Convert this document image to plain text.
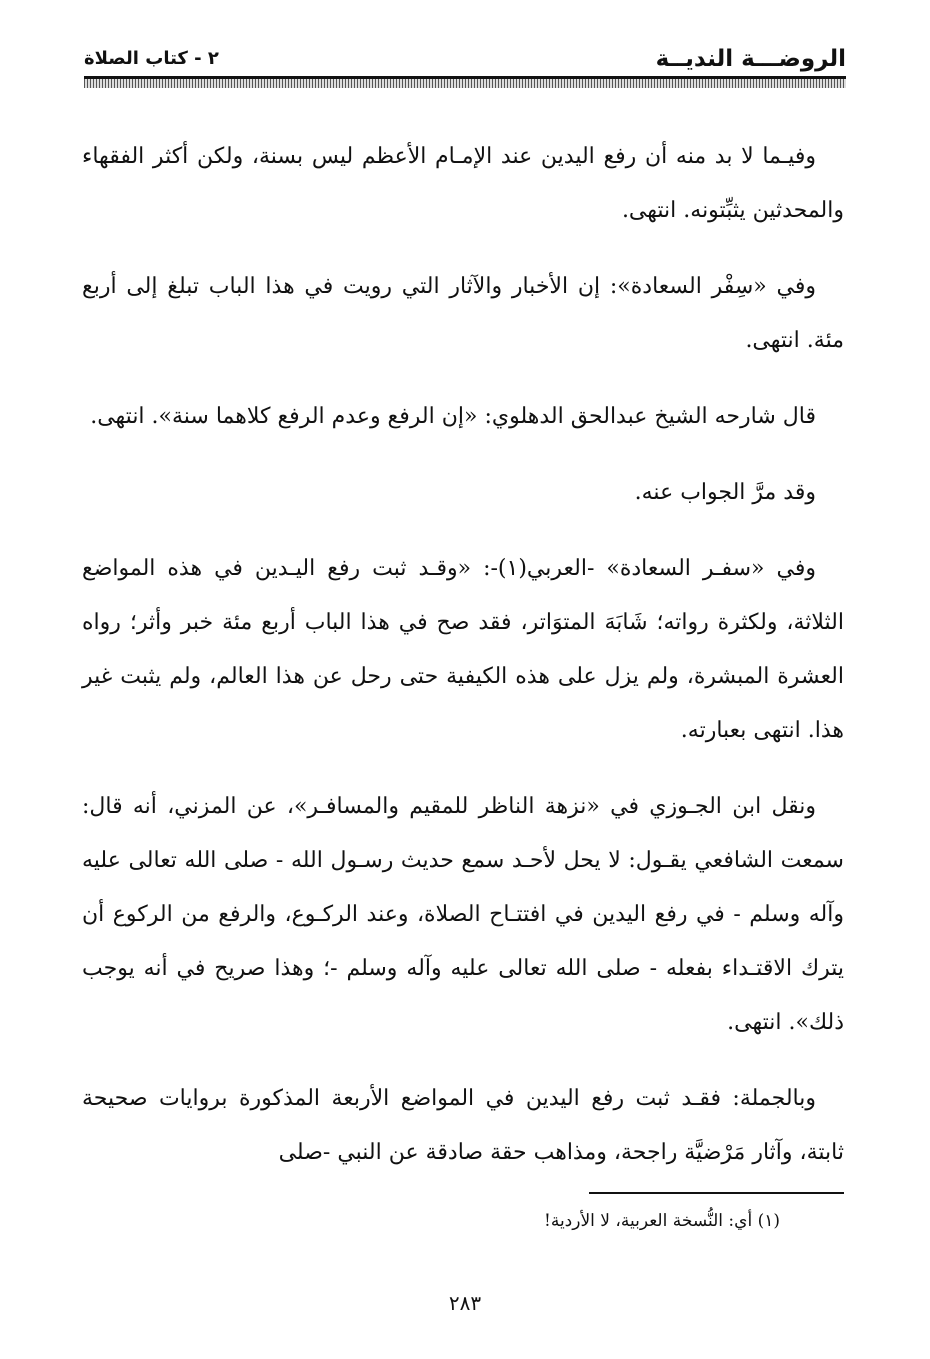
الروضـــة النديــة
٢ - كتاب الصلاة

وفيـما لا بد منه أن رفع اليدين عند الإمـام الأعظم ليس بسنة، ولكن أكثر الفقهاء والمحدثين يثبِّتونه. انتهى.

وفي «سِفْر السعادة»: إن الأخبار والآثار التي رويت في هذا الباب تبلغ إلى أربع مئة. انتهى.

قال شارحه الشيخ عبدالحق الدهلوي: «إن الرفع وعدم الرفع كلاهما سنة». انتهى.

وقد مرَّ الجواب عنه.

وفي «سفـر السعادة» -العربي(١)-: «وقـد ثبت رفع اليـدين في هذه المواضع الثلاثة، ولكثرة رواته؛ شَابَهَ المتوَاتر، فقد صح في هذا الباب أربع مئة خبر وأثر؛ رواه العشرة المبشرة، ولم يزل على هذه الكيفية حتى رحل عن هذا العالم، ولم يثبت غير هذا. انتهى بعبارته.

ونقل ابن الجـوزي في «نزهة الناظر للمقيم والمسافـر»، عن المزني، أنه قال: سمعت الشافعي يقـول: لا يحل لأحـد سمع حديث رسـول الله - صلى الله تعالى عليه وآله وسلم - في رفع اليدين في افتتـاح الصلاة، وعند الركـوع، والرفع من الركوع أن يترك الاقتـداء بفعله - صلى الله تعالى عليه وآله وسلم -؛ وهذا صريح في أنه يوجب ذلك». انتهى.

وبالجملة: فقـد ثبت رفع اليدين في المواضع الأربعة المذكورة بروايات صحيحة ثابتة، وآثار مَرْضيَّة راجحة، ومذاهب حقة صادقة عن النبي -صلى

(١) أي: النُّسخة العربية، لا الأردية!
٢٨٣
